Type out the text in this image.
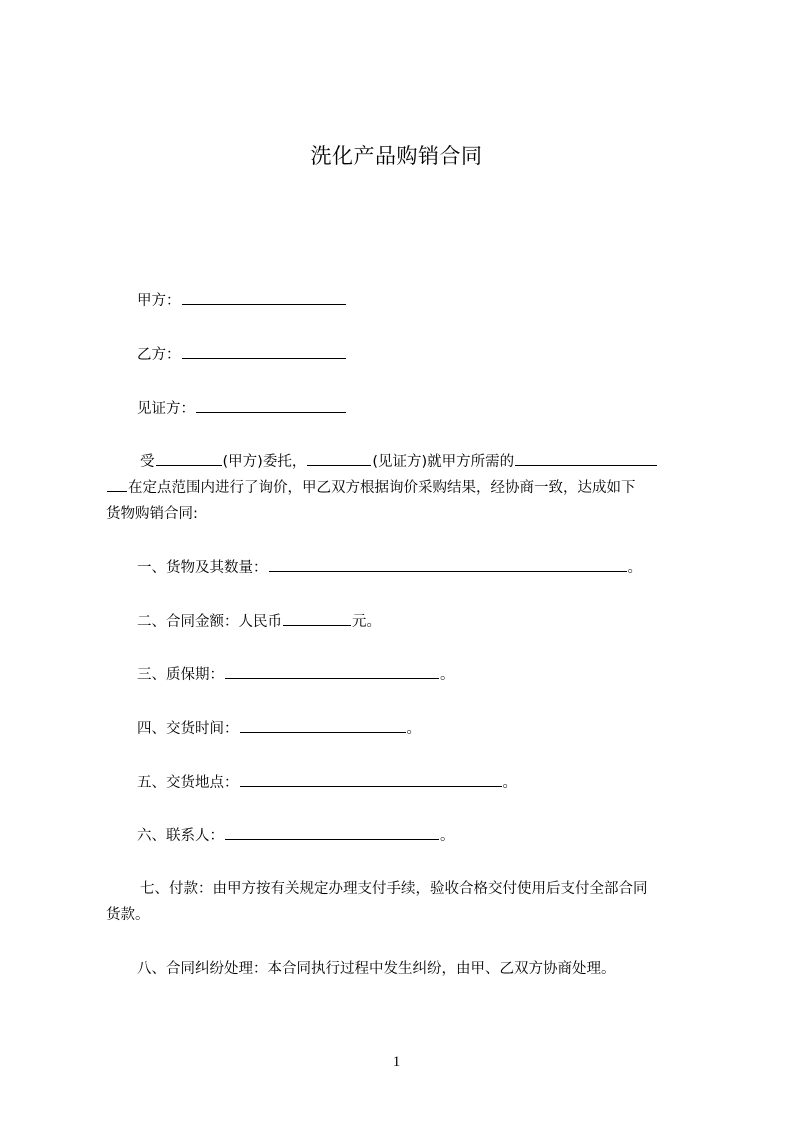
洗化产品购销合同
甲方：
乙方：
见证方：
受	(甲方)委托，	(见证方)就甲方所需的
在定点范围内进行了询价，甲乙双方根据询价采购结果，经协商一致，达成如下
货物购销合同:
一、货物及其数量：	。
二、合同金额：人民币	元。
三、质保期：	。
四、交货时间：	。
五、交货地点：	。
六、联系人：	。
七、付款：由甲方按有关规定办理支付手续，验收合格交付使用后支付全部合同
货款。
八、合同纠纷处理：本合同执行过程中发生纠纷，由甲、乙双方协商处理。
1
